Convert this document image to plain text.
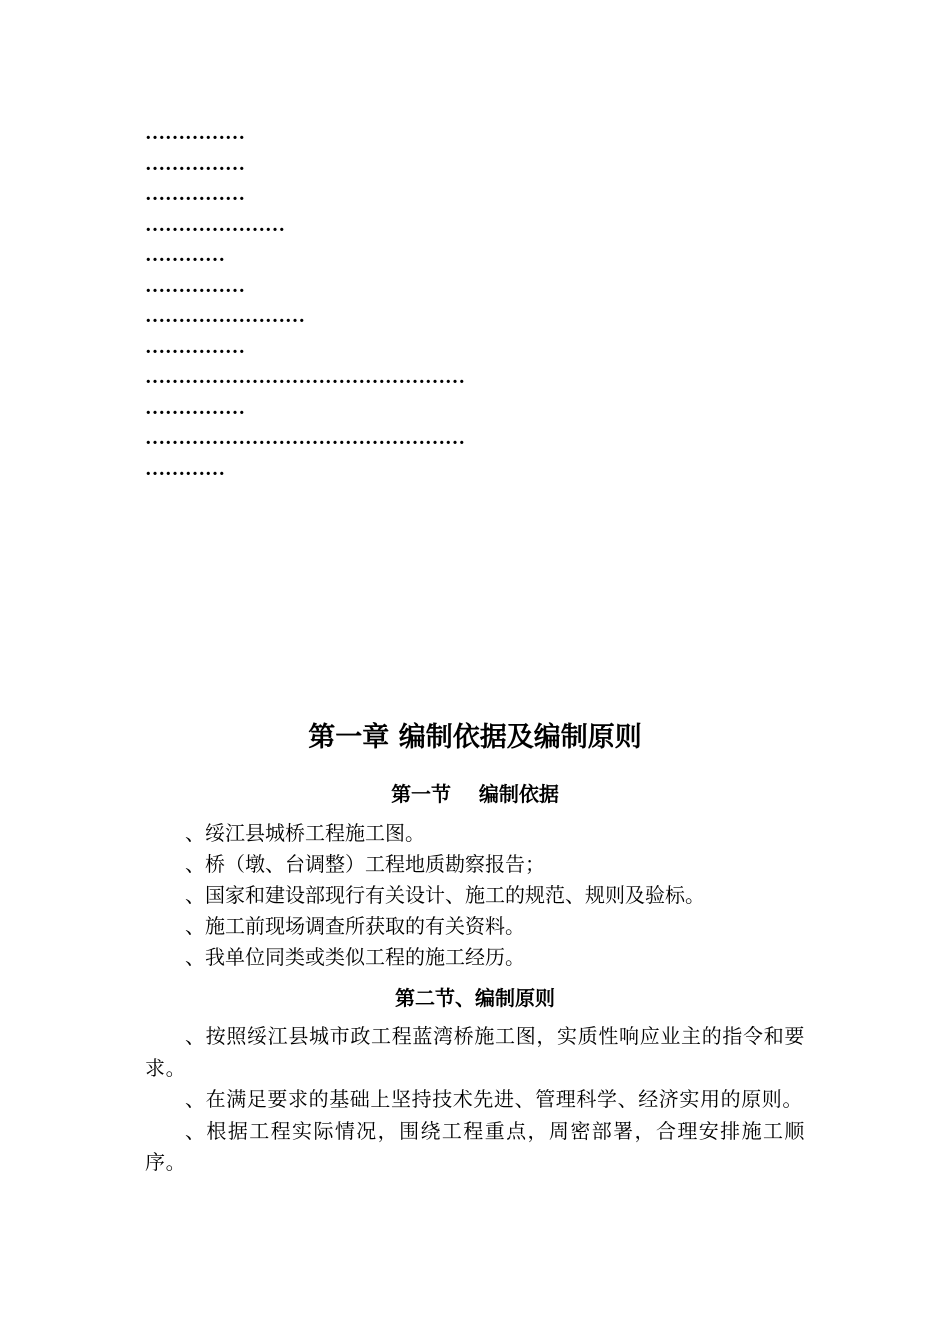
……………
……………
……………
…………………
…………
……………
……………………
……………
…………………………………………
……………
…………………………………………
…………
第一章 编制依据及编制原则
第一节    编制依据
、绥江县城桥工程施工图。
、桥（墩、台调整）工程地质勘察报告；
、国家和建设部现行有关设计、施工的规范、规则及验标。
、施工前现场调查所获取的有关资料。
、我单位同类或类似工程的施工经历。
第二节、编制原则

、按照绥江县城市政工程蓝湾桥施工图，实质性响应业主的指令和要求。

、在满足要求的基础上坚持技术先进、管理科学、经济实用的原则。

、根据工程实际情况，围绕工程重点，周密部署，合理安排施工顺序。
